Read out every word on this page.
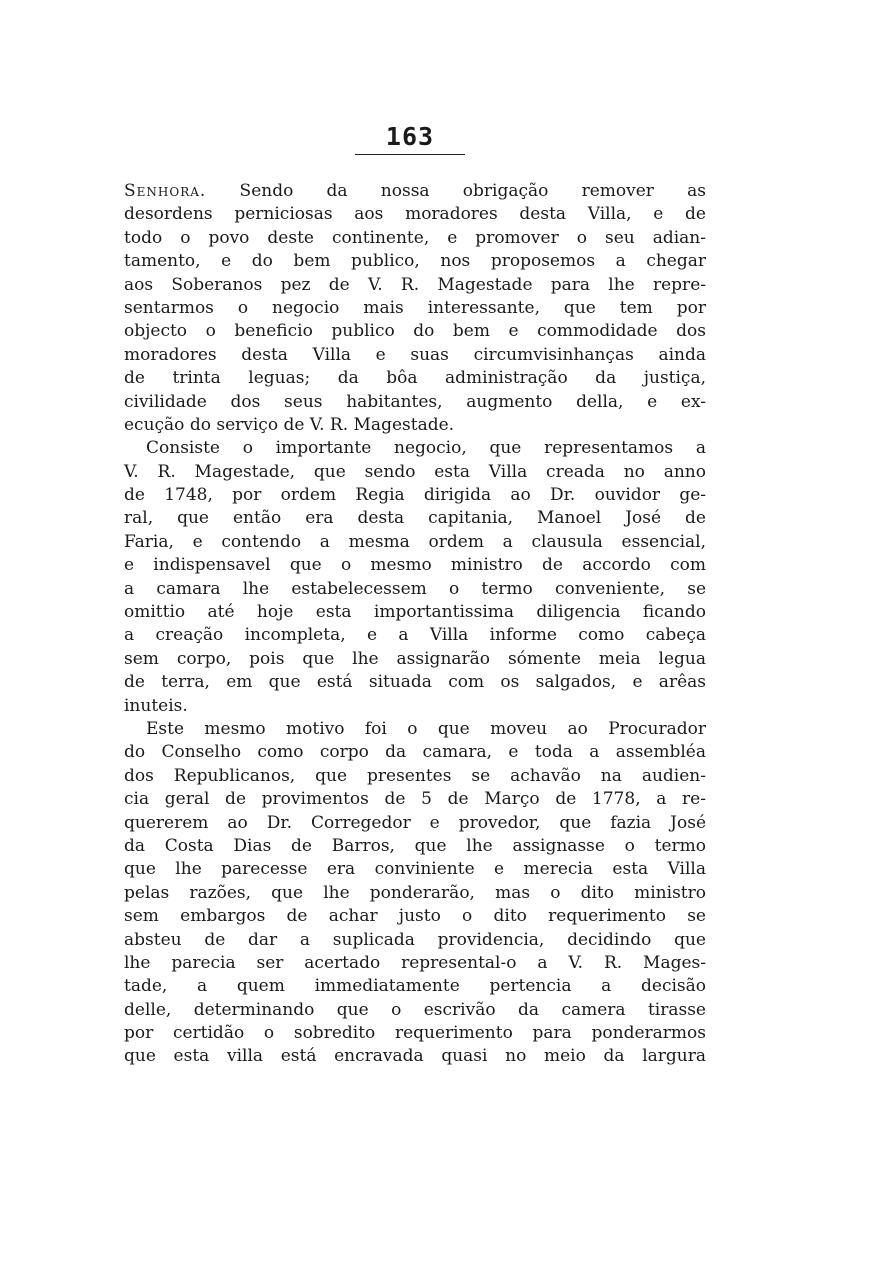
163
Senhora. Sendo da nossa obrigação remover as
desordens perniciosas aos moradores desta Villa, e de
todo o povo deste continente, e promover o seu adian-
tamento, e do bem publico, nos proposemos a chegar
aos Soberanos pez de V. R. Magestade para lhe repre-
sentarmos o negocio mais interessante, que tem por
objecto o beneficio publico do bem e commodidade dos
moradores desta Villa e suas circumvisinhanças ainda
de trinta leguas; da bôa administração da justiça,
civilidade dos seus habitantes, augmento della, e ex-
ecução do serviço de V. R. Magestade.
Consiste o importante negocio, que representamos a
V. R. Magestade, que sendo esta Villa creada no anno
de 1748, por ordem Regia dirigida ao Dr. ouvidor ge-
ral, que então era desta capitania, Manoel José de
Faria, e contendo a mesma ordem a clausula essencial,
e indispensavel que o mesmo ministro de accordo com
a camara lhe estabelecessem o termo conveniente, se
omittio até hoje esta importantissima diligencia ficando
a creação incompleta, e a Villa informe como cabeça
sem corpo, pois que lhe assignarão sómente meia legua
de terra, em que está situada com os salgados, e arêas
inuteis.
Este mesmo motivo foi o que moveu ao Procurador
do Conselho como corpo da camara, e toda a assembléa
dos Republicanos, que presentes se achavão na audien-
cia geral de provimentos de 5 de Março de 1778, a re-
quererem ao Dr. Corregedor e provedor, que fazia José
da Costa Dias de Barros, que lhe assignasse o termo
que lhe parecesse era conviniente e merecia esta Villa
pelas razões, que lhe ponderarão, mas o dito ministro
sem embargos de achar justo o dito requerimento se
absteu de dar a suplicada providencia, decidindo que
lhe parecia ser acertado represental-o a V. R. Mages-
tade, a quem immediatamente pertencia a decisão
delle, determinando que o escrivão da camera tirasse
por certidão o sobredito requerimento para ponderarmos
que esta villa está encravada quasi no meio da largura
